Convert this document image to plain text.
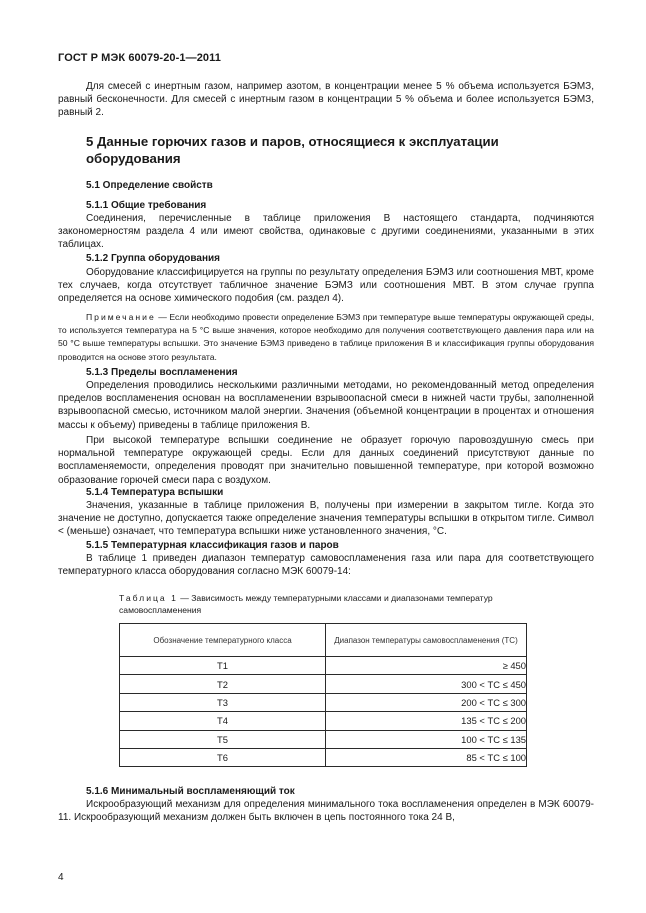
ГОСТ Р МЭК 60079-20-1—2011
Для смесей с инертным газом, например азотом, в концентрации менее 5 % объема используется БЭМЗ, равный бесконечности. Для смесей с инертным газом в концентрации 5 % объема и более используется БЭМЗ, равный 2.
5 Данные горючих газов и паров, относящиеся к эксплуатации оборудования
5.1 Определение свойств
5.1.1 Общие требования
Соединения, перечисленные в таблице приложения В настоящего стандарта, подчиняются закономерностям раздела 4 или имеют свойства, одинаковые с другими соединениями, указанными в этих таблицах.
5.1.2 Группа оборудования
Оборудование классифицируется на группы по результату определения БЭМЗ или соотношения МВТ, кроме тех случаев, когда отсутствует табличное значение БЭМЗ или соотношения МВТ. В этом случае группа определяется на основе химического подобия (см. раздел 4).
Примечание — Если необходимо провести определение БЭМЗ при температуре выше температуры окружающей среды, то используется температура на 5 °С выше значения, которое необходимо для получения соответствующего давления пара или на 50 °С выше температуры вспышки. Это значение БЭМЗ приведено в таблице приложения В и классификация группы оборудования проводится на основе этого результата.
5.1.3 Пределы воспламенения
Определения проводились несколькими различными методами, но рекомендованный метод определения пределов воспламенения основан на воспламенении взрывоопасной смеси в нижней части трубы, заполненной взрывоопасной смесью, источником малой энергии. Значения (объемной концентрации в процентах и отношения массы к объему) приведены в таблице приложения В.
При высокой температуре вспышки соединение не образует горючую паровоздушную смесь при нормальной температуре окружающей среды. Если для данных соединений присутствуют данные по воспламеняемости, определения проводят при значительно повышенной температуре, при которой возможно образование горючей смеси пара с воздухом.
5.1.4 Температура вспышки
Значения, указанные в таблице приложения В, получены при измерении в закрытом тигле. Когда это значение не доступно, допускается также определение значения температуры вспышки в открытом тигле. Символ < (меньше) означает, что температура вспышки ниже установленного значения, °С.
5.1.5 Температурная классификация газов и паров
В таблице 1 приведен диапазон температур самовоспламенения газа или пара для соответствующего температурного класса оборудования согласно МЭК 60079-14:
Таблица 1 — Зависимость между температурными классами и диапазонами температур самовоспламенения
Обозначение температурного класса	Диапазон температуры самовоспламенения (ТС)
T1	≥ 450
T2	300 < ТС ≤ 450
T3	200 < ТС ≤ 300
T4	135 < ТС ≤ 200
T5	100 < ТС ≤ 135
T6	85 < ТС ≤ 100
5.1.6 Минимальный воспламеняющий ток
Искрообразующий механизм для определения минимального тока воспламенения определен в МЭК 60079-11. Искрообразующий механизм должен быть включен в цепь постоянного тока 24 В,
4
